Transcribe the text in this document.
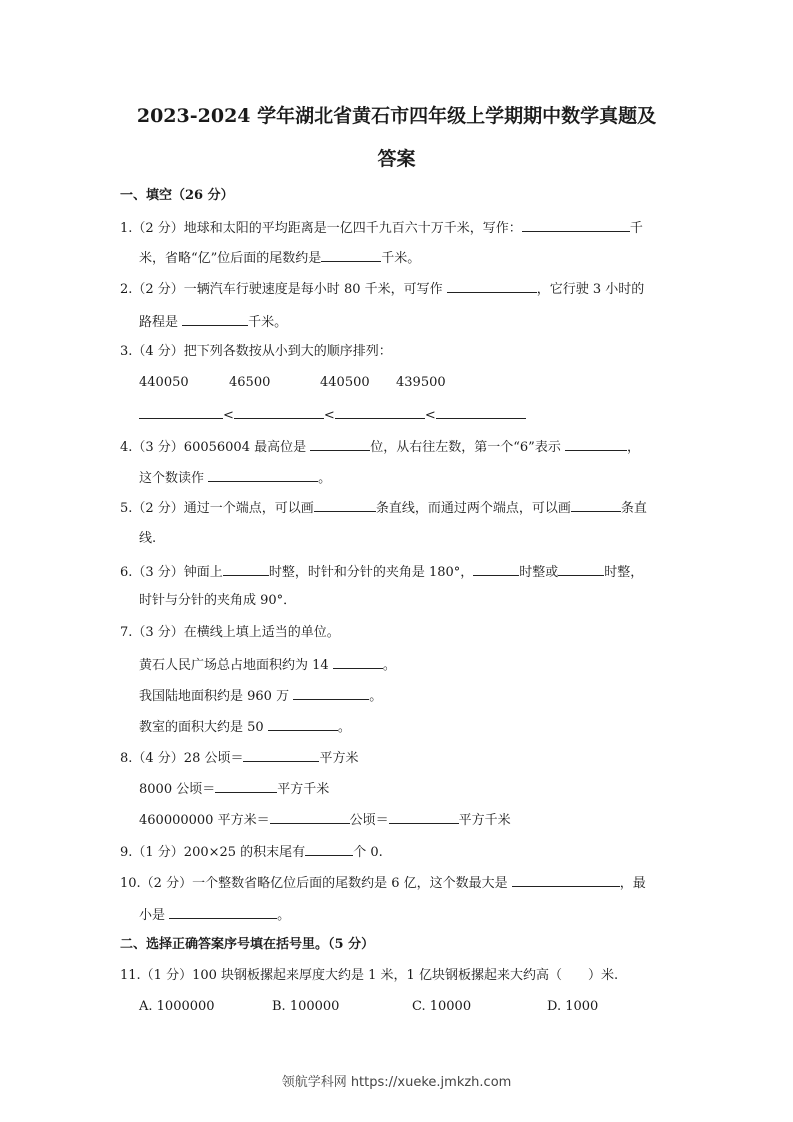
2023-2024 学年湖北省黄石市四年级上学期期中数学真题及
答案
一、填空（26 分）
1.（2 分）地球和太阳的平均距离是一亿四千九百六十万千米，写作：	千
米，省略“亿”位后面的尾数约是	千米。
2.（2 分）一辆汽车行驶速度是每小时 80 千米，可写作	，它行驶 3 小时的
路程是	千米。
3.（4 分）把下列各数按从小到大的顺序排列：
440050	46500	440500 439500
<	<	<
4.（3 分）60056004 最高位是	位，从右往左数，第一个“6”表示	，
这个数读作	。
5.（2 分）通过一个端点，可以画	条直线，而通过两个端点，可以画	条直
线.
6.（3 分）钟面上	时整，时针和分针的夹角是 180°，	时整或	时整，
时针与分针的夹角成 90°．
7.（3 分）在横线上填上适当的单位。
黄石人民广场总占地面积约为 14	。
我国陆地面积约是 960 万	。
教室的面积大约是 50	。
8.（4 分）28 公顷＝	平方米
8000 公顷＝	平方千米
460000000 平方米＝	公顷＝	平方千米
9.（1 分）200×25 的积末尾有	个 0.
10.（2 分）一个整数省略亿位后面的尾数约是 6 亿，这个数最大是	，最
小是	。
二、选择正确答案序号填在括号里。（5 分）
11.（1 分）100 块钢板摞起来厚度大约是 1 米，1 亿块钢板摞起来大约高（　　）米.
A. 1000000	B. 100000	C. 10000	D. 1000
领航学科网 https://xueke.jmkzh.com
